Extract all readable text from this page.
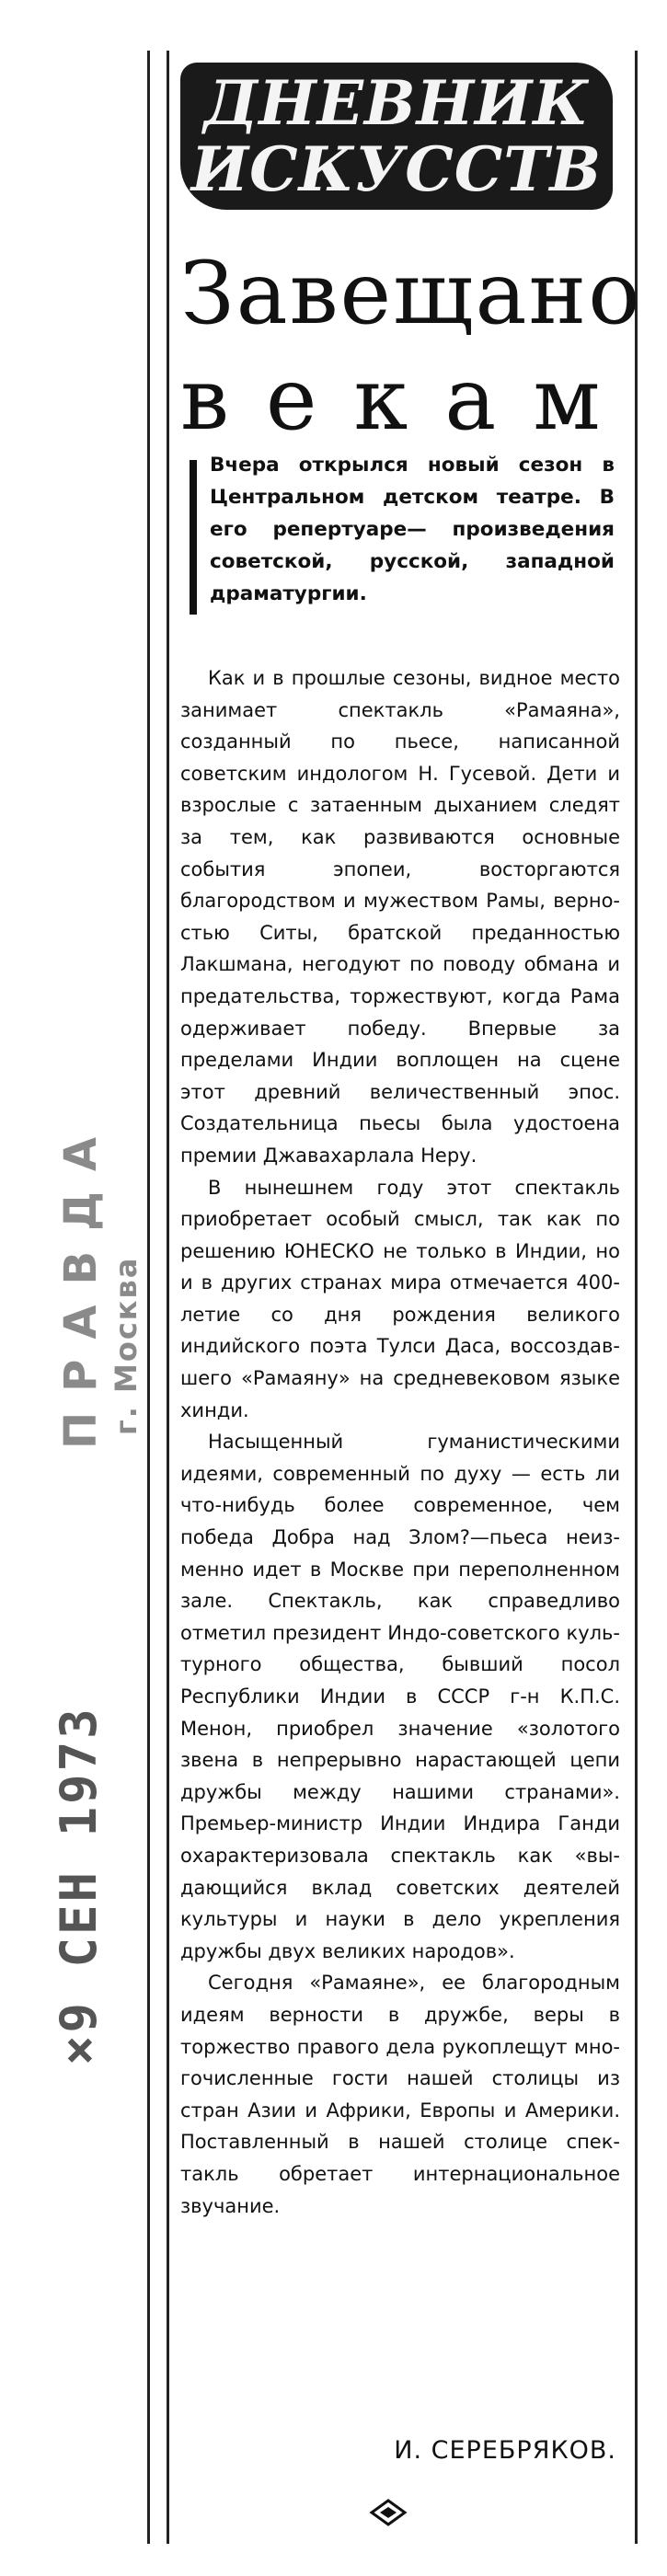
ДНЕВНИК
ИСКУССТВ
Завещано
векам
Вчера открылся новый сезон в Центральном детском театре. В его репертуаре— произведения советской, русской, западной драматургии.

Как и в прошлые сезоны, видное место занимает спектакль «Рамаяна», созданный по пьесе, написанной советским индологом Н. Гусевой. Дети и взрослые с затаенным дыханием следят за тем, как развиваются основные события эпопеи, восторгаются благородством и мужеством Рамы, верностью Ситы, братской преданностью Лакшмана, негодуют по поводу обмана и предательства, торжествуют, когда Рама одерживает победу. Впервые за пределами Индии воплощен на сцене этот древний величественный эпос. Создательница пьесы была удостоена премии Джавахарлала Неру.

В нынешнем году этот спектакль приобретает особый смысл, так как по решению ЮНЕСКО не только в Индии, но и в других странах мира отмечается 400-летие со дня рождения великого индийского поэта Тулси Даса, воссоздавшего «Рамаяну» на средневековом языке хинди.

Насыщенный гуманистическими идеями, современный по духу — есть ли что-нибудь более современное, чем победа Добра над Злом?—пьеса неизменно идет в Москве при переполненном зале. Спектакль, как справедливо отметил президент Индо-советского культурного общества, бывший посол Республики Индии в СССР г-н К.П.С. Менон, приобрел значение «золотого звена в непрерывно нарастающей цепи дружбы между нашими странами». Премьер-министр Индии Индира Ганди охарактеризовала спектакль как «выдающийся вклад советских деятелей культуры и науки в дело укрепления дружбы двух великих народов».

Сегодня «Рамаяне», ее благородным идеям верности в дружбе, веры в торжество правого дела рукоплещут многочисленные гости нашей столицы из стран Азии и Африки, Европы и Америки. Поставленный в нашей столице спектакль обретает интернациональное звучание.

И. СЕРЕБРЯКОВ.
ПРАВДА г. Москва
×9 СЕН 1973
